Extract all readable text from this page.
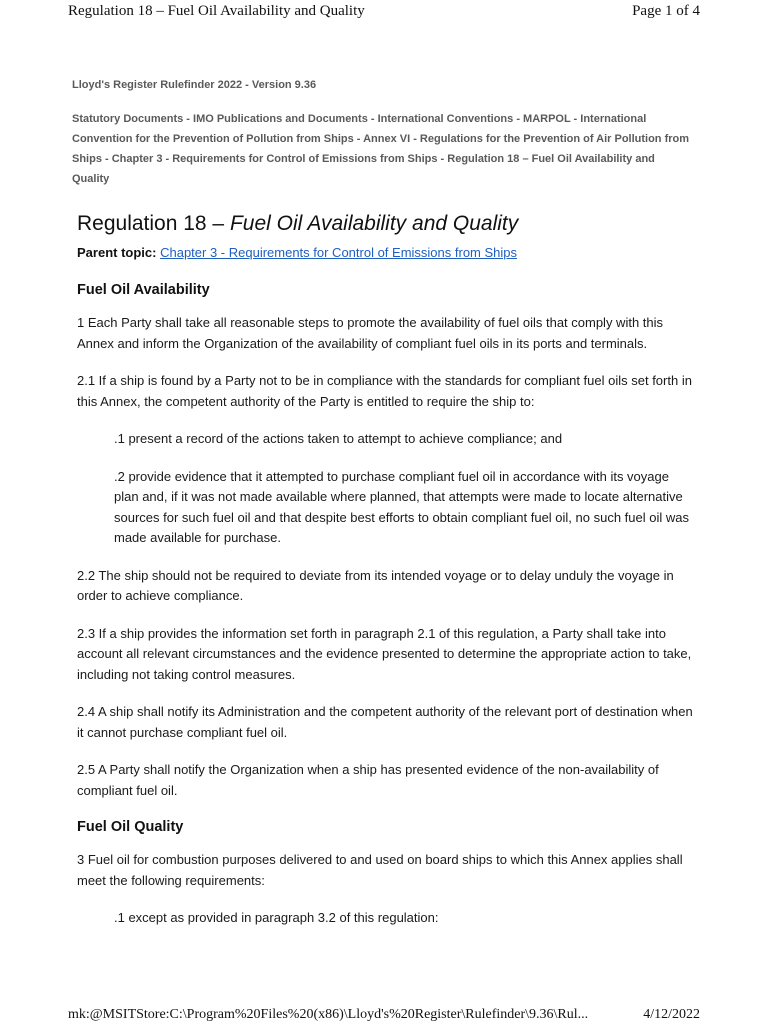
Regulation 18 – Fuel Oil Availability and Quality	Page 1 of 4
Lloyd's Register Rulefinder 2022 - Version 9.36
Statutory Documents - IMO Publications and Documents - International Conventions - MARPOL - International Convention for the Prevention of Pollution from Ships - Annex VI - Regulations for the Prevention of Air Pollution from Ships - Chapter 3 - Requirements for Control of Emissions from Ships - Regulation 18 – Fuel Oil Availability and Quality
Regulation 18 – Fuel Oil Availability and Quality
Parent topic: Chapter 3 - Requirements for Control of Emissions from Ships
Fuel Oil Availability

1 Each Party shall take all reasonable steps to promote the availability of fuel oils that comply with this Annex and inform the Organization of the availability of compliant fuel oils in its ports and terminals.

2.1 If a ship is found by a Party not to be in compliance with the standards for compliant fuel oils set forth in this Annex, the competent authority of the Party is entitled to require the ship to:

.1 present a record of the actions taken to attempt to achieve compliance; and

.2 provide evidence that it attempted to purchase compliant fuel oil in accordance with its voyage plan and, if it was not made available where planned, that attempts were made to locate alternative sources for such fuel oil and that despite best efforts to obtain compliant fuel oil, no such fuel oil was made available for purchase.

2.2 The ship should not be required to deviate from its intended voyage or to delay unduly the voyage in order to achieve compliance.

2.3 If a ship provides the information set forth in paragraph 2.1 of this regulation, a Party shall take into account all relevant circumstances and the evidence presented to determine the appropriate action to take, including not taking control measures.

2.4 A ship shall notify its Administration and the competent authority of the relevant port of destination when it cannot purchase compliant fuel oil.

2.5 A Party shall notify the Organization when a ship has presented evidence of the non-availability of compliant fuel oil.

Fuel Oil Quality

3 Fuel oil for combustion purposes delivered to and used on board ships to which this Annex applies shall meet the following requirements:

.1 except as provided in paragraph 3.2 of this regulation:

mk:@MSITStore:C:\Program%20Files%20(x86)\Lloyd's%20Register\Rulefinder\9.36\Rul...	4/12/2022
